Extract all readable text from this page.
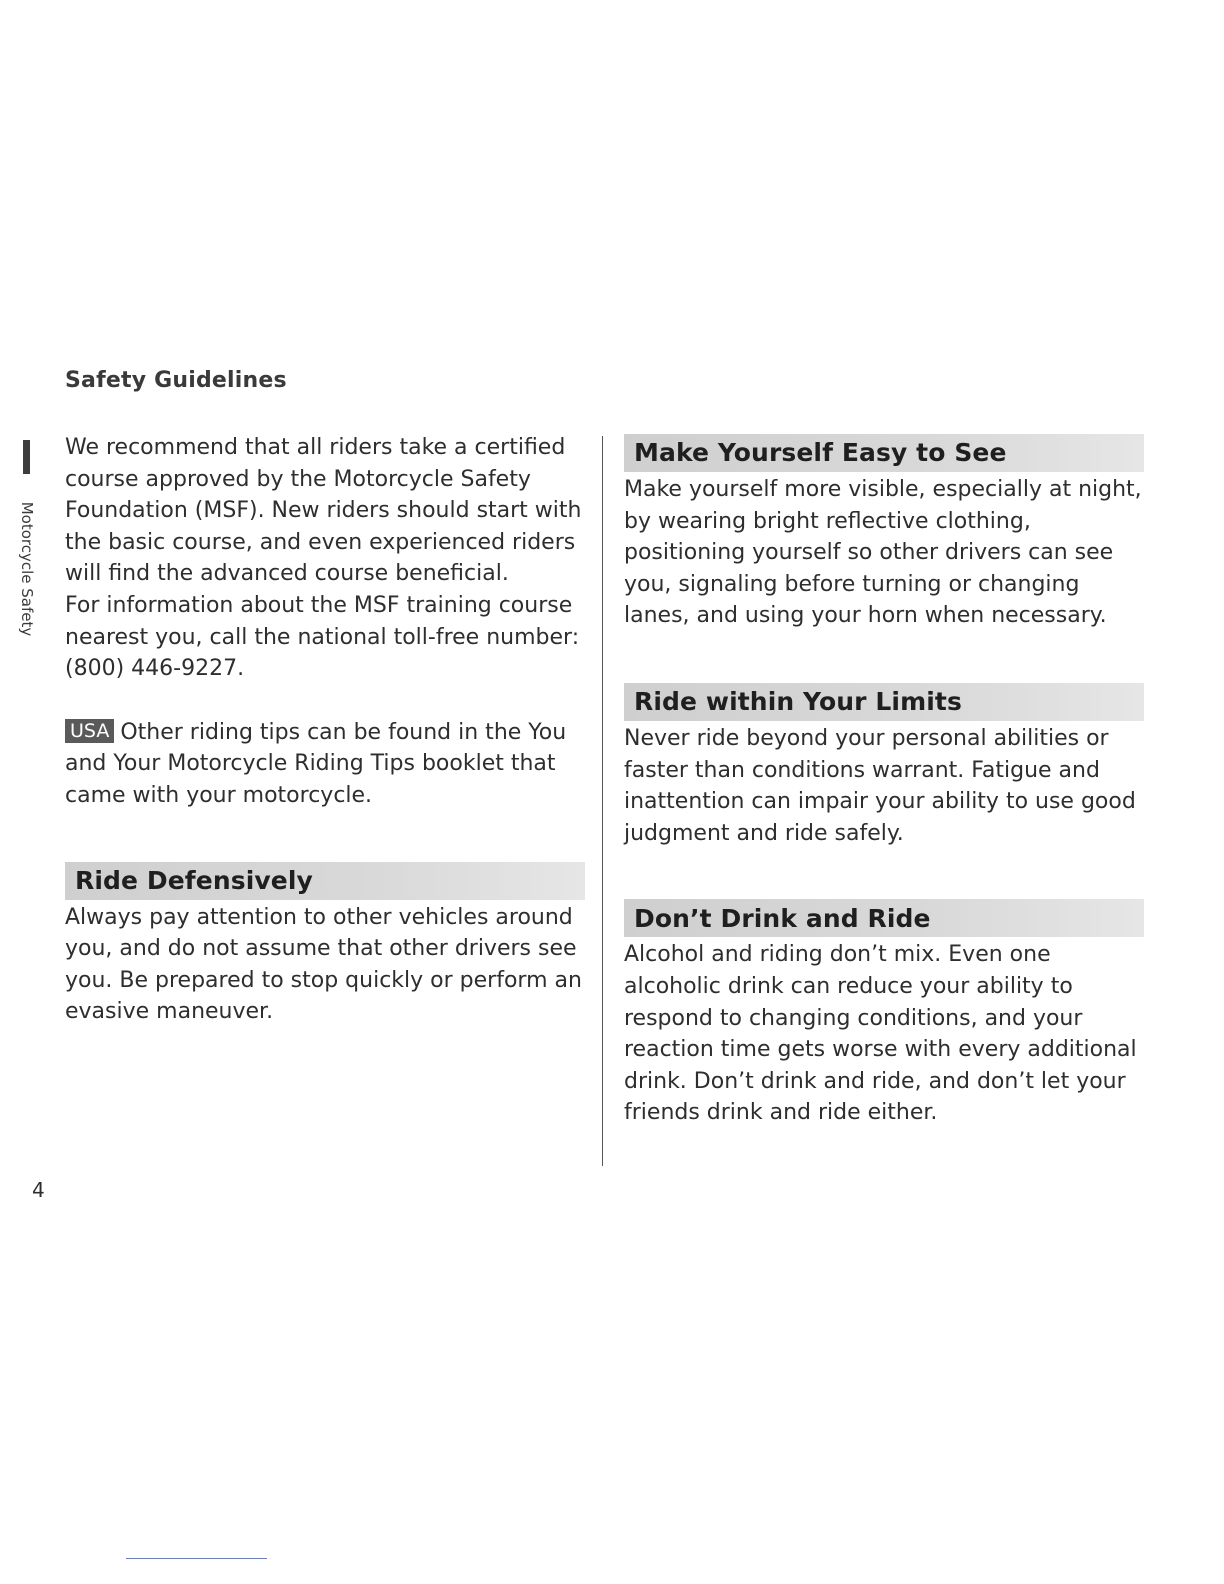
Safety Guidelines
Motorcycle Safety

We recommend that all riders take a certified course approved by the Motorcycle Safety Foundation (MSF). New riders should start with the basic course, and even experienced riders will find the advanced course beneficial.

For information about the MSF training course nearest you, call the national toll-free number: (800) 446-9227.

USA Other riding tips can be found in the You and Your Motorcycle Riding Tips booklet that came with your motorcycle.

Ride Defensively

Always pay attention to other vehicles around you, and do not assume that other drivers see you. Be prepared to stop quickly or perform an evasive maneuver.

Make Yourself Easy to See

Make yourself more visible, especially at night, by wearing bright reflective clothing, positioning yourself so other drivers can see you, signaling before turning or changing lanes, and using your horn when necessary.

Ride within Your Limits

Never ride beyond your personal abilities or faster than conditions warrant. Fatigue and inattention can impair your ability to use good judgment and ride safely.

Don’t Drink and Ride

Alcohol and riding don’t mix. Even one alcoholic drink can reduce your ability to respond to changing conditions, and your reaction time gets worse with every additional drink. Don’t drink and ride, and don’t let your friends drink and ride either.

4
